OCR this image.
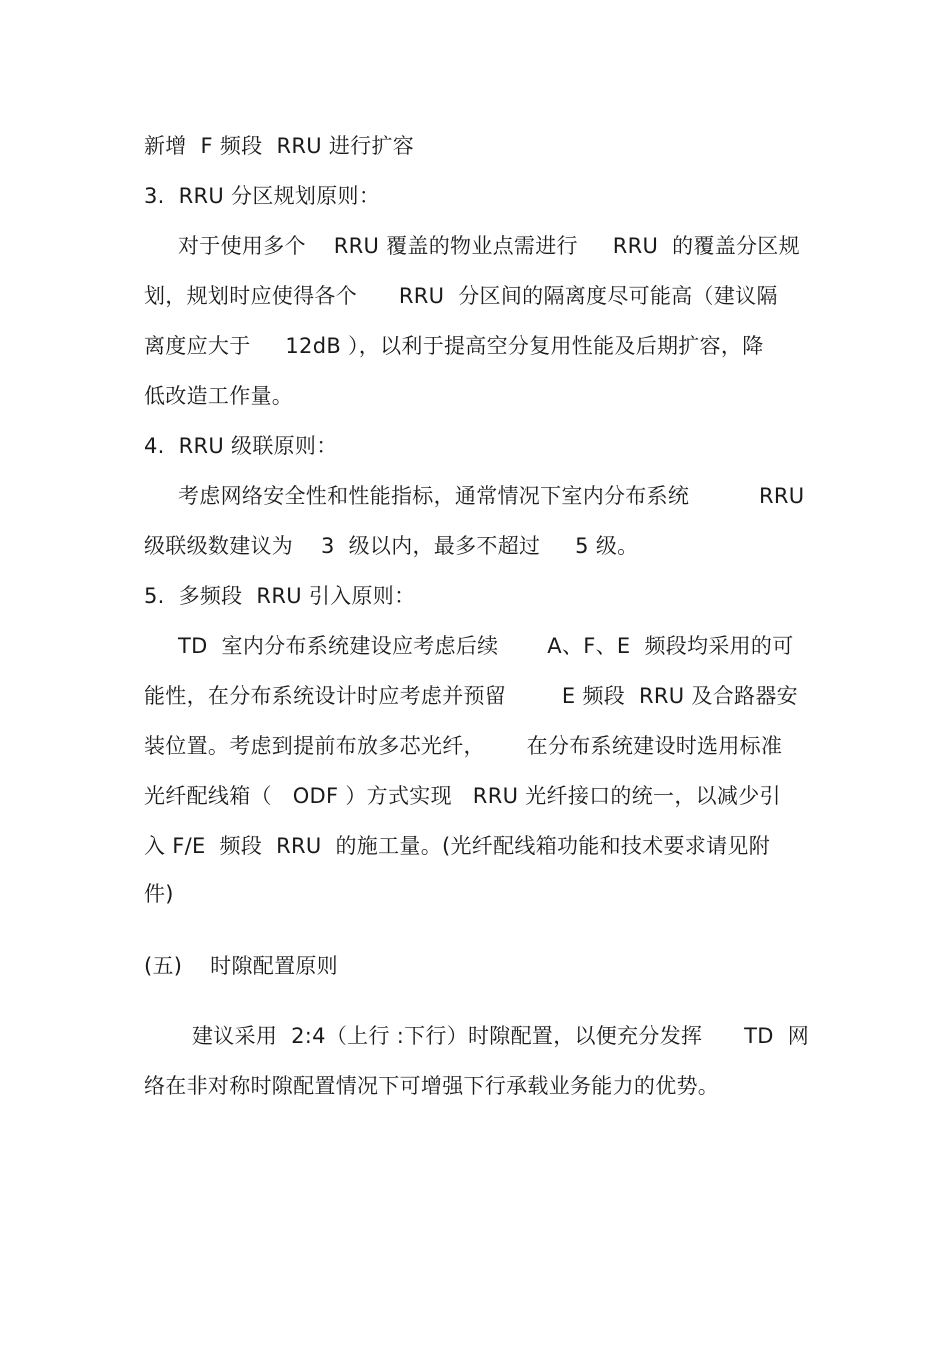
新增  F 频段  RRU 进行扩容
3.  RRU 分区规划原则：
对于使用多个    RRU 覆盖的物业点需进行     RRU  的覆盖分区规
划，规划时应使得各个      RRU  分区间的隔离度尽可能高（建议隔
离度应大于     12dB ），以利于提高空分复用性能及后期扩容，降
低改造工作量。
4.  RRU 级联原则：
考虑网络安全性和性能指标，通常情况下室内分布系统          RRU
级联级数建议为    3  级以内，最多不超过     5 级。
5.  多频段  RRU 引入原则：
TD  室内分布系统建设应考虑后续       A、F、E  频段均采用的可
能性，在分布系统设计时应考虑并预留        E 频段  RRU 及合路器安
装位置。考虑到提前布放多芯光纤，      在分布系统建设时选用标准
光纤配线箱（   ODF ）方式实现   RRU 光纤接口的统一，以减少引
入 F/E  频段  RRU  的施工量。(光纤配线箱功能和技术要求请见附
件)
(五)    时隙配置原则
建议采用  2:4（上行 :下行）时隙配置，以便充分发挥      TD  网
络在非对称时隙配置情况下可增强下行承载业务能力的优势。
